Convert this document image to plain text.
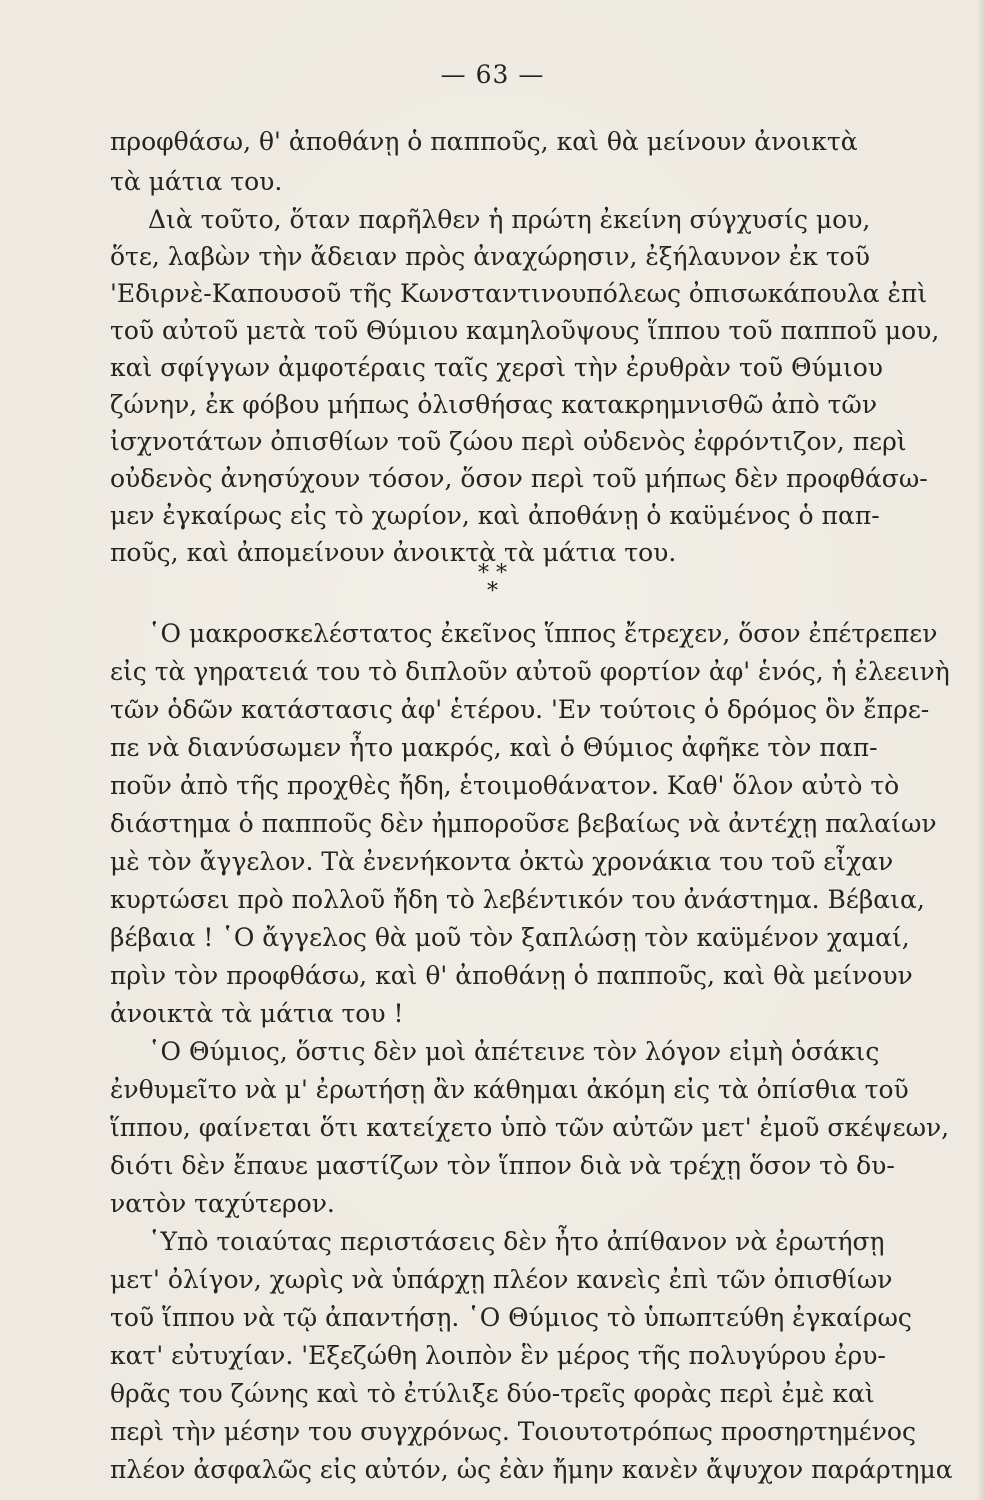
— 63 —
προφθάσω, θ' ἀποθάνῃ ὁ παπποῦς, καὶ θὰ μείνουν ἀνοικτὰ
τὰ μάτια του.
Διὰ τοῦτο, ὅταν παρῆλθεν ἡ πρώτη ἐκείνη σύγχυσίς μου,
ὅτε, λαβὼν τὴν ἄδειαν πρὸς ἀναχώρησιν, ἐξήλαυνον ἐκ τοῦ
'Εδιρνὲ-Καπουσοῦ τῆς Κωνσταντινουπόλεως ὀπισωκάπουλα ἐπὶ
τοῦ αὐτοῦ μετὰ τοῦ Θύμιου καμηλοῦψους ἵππου τοῦ παπποῦ μου,
καὶ σφίγγων ἀμφοτέραις ταῖς χερσὶ τὴν ἐρυθρὰν τοῦ Θύμιου
ζώνην, ἐκ φόβου μήπως ὀλισθήσας κατακρημνισθῶ ἀπὸ τῶν
ἰσχνοτάτων ὀπισθίων τοῦ ζώου περὶ οὐδενὸς ἐφρόντιζον, περὶ
οὐδενὸς ἀνησύχουν τόσον, ὅσον περὶ τοῦ μήπως δὲν προφθάσω-
μεν ἐγκαίρως εἰς τὸ χωρίον, καὶ ἀποθάνῃ ὁ καϋμένος ὁ παπ-
ποῦς, καὶ ἀπομείνουν ἀνοικτὰ τὰ μάτια του.
* *
*
῾Ο μακροσκελέστατος ἐκεῖνος ἵππος ἔτρεχεν, ὅσον ἐπέτρεπεν
εἰς τὰ γηρατειά του τὸ διπλοῦν αὐτοῦ φορτίον ἀφ' ἑνός, ἡ ἐλεεινὴ
τῶν ὁδῶν κατάστασις ἀφ' ἑτέρου. 'Εν τούτοις ὁ δρόμος ὃν ἔπρε-
πε νὰ διανύσωμεν ἦτο μακρός, καὶ ὁ Θύμιος ἀφῆκε τὸν παπ-
ποῦν ἀπὸ τῆς προχθὲς ἤδη, ἑτοιμοθάνατον. Καθ' ὅλον αὐτὸ τὸ
διάστημα ὁ παπποῦς δὲν ἠμποροῦσε βεβαίως νὰ ἀντέχῃ παλαίων
μὲ τὸν ἄγγελον. Τὰ ἐνενήκοντα ὀκτὼ χρονάκια του τοῦ εἶχαν
κυρτώσει πρὸ πολλοῦ ἤδη τὸ λεβέντικόν του ἀνάστημα. Βέβαια,
βέβαια ! ῾Ο ἄγγελος θὰ μοῦ τὸν ξαπλώσῃ τὸν καϋμένον χαμαί,
πρὶν τὸν προφθάσω, καὶ θ' ἀποθάνῃ ὁ παπποῦς, καὶ θὰ μείνουν
ἀνοικτὰ τὰ μάτια του !
῾Ο Θύμιος, ὅστις δὲν μοὶ ἀπέτεινε τὸν λόγον εἰμὴ ὁσάκις
ἐνθυμεῖτο νὰ μ' ἐρωτήσῃ ἂν κάθημαι ἀκόμη εἰς τὰ ὀπίσθια τοῦ
ἵππου, φαίνεται ὅτι κατείχετο ὑπὸ τῶν αὐτῶν μετ' ἐμοῦ σκέψεων,
διότι δὲν ἔπαυε μαστίζων τὸν ἵππον διὰ νὰ τρέχῃ ὅσον τὸ δυ-
νατὸν ταχύτερον.
῾Υπὸ τοιαύτας περιστάσεις δὲν ἦτο ἀπίθανον νὰ ἐρωτήσῃ
μετ' ὀλίγον, χωρὶς νὰ ὑπάρχῃ πλέον κανεὶς ἐπὶ τῶν ὀπισθίων
τοῦ ἵππου νὰ τῷ ἀπαντήσῃ. ῾Ο Θύμιος τὸ ὑπωπτεύθη ἐγκαίρως
κατ' εὐτυχίαν. 'Εξεζώθη λοιπὸν ἓν μέρος τῆς πολυγύρου ἐρυ-
θρᾶς του ζώνης καὶ τὸ ἐτύλιξε δύο-τρεῖς φορὰς περὶ ἐμὲ καὶ
περὶ τὴν μέσην του συγχρόνως. Τοιουτοτρόπως προσηρτημένος
πλέον ἀσφαλῶς εἰς αὐτόν, ὡς ἐὰν ἤμην κανὲν ἄψυχον παράρτημα
